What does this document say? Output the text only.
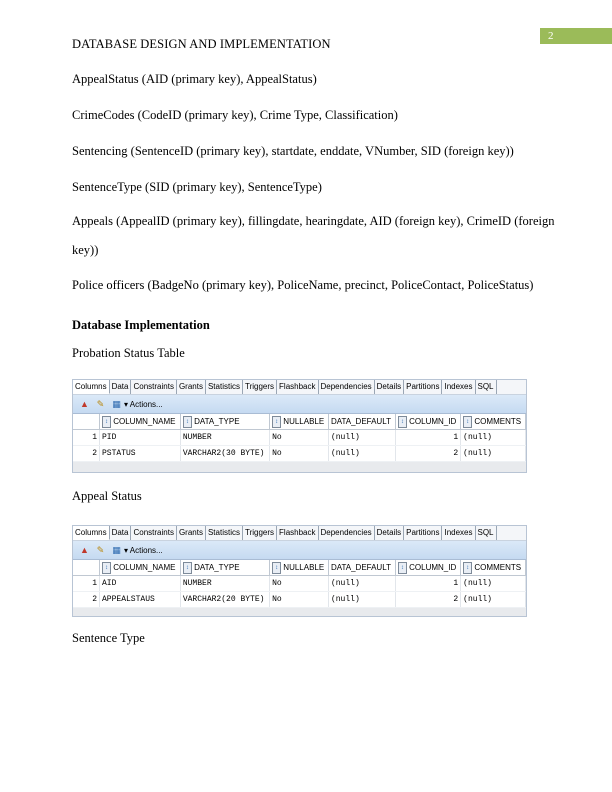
2
DATABASE DESIGN AND IMPLEMENTATION
AppealStatus (AID (primary key), AppealStatus)
CrimeCodes (CodeID (primary key), Crime Type, Classification)
Sentencing (SentenceID (primary key), startdate, enddate, VNumber, SID (foreign key))
SentenceType (SID (primary key), SentenceType)
Appeals (AppealID (primary key), fillingdate, hearingdate, AID (foreign key), CrimeID (foreign
key))
Police officers (BadgeNo (primary key), PoliceName, precinct, PoliceContact, PoliceStatus)
Database Implementation
Probation Status Table
Columns Data Constraints Grants Statistics Triggers Flashback Dependencies Details Partitions Indexes SQL
▲ ✎ ▦ ▾ Actions...
	↕ COLUMN_NAME	↕ DATA_TYPE	↕ NULLABLE	DATA_DEFAULT	↕ COLUMN_ID	↕ COMMENTS
1	PID	NUMBER	No	(null)	1	(null)
2	PSTATUS	VARCHAR2(30 BYTE)	No	(null)	2	(null)
Appeal Status
Columns Data Constraints Grants Statistics Triggers Flashback Dependencies Details Partitions Indexes SQL
▲ ✎ ▦ ▾ Actions...
	↕ COLUMN_NAME	↕ DATA_TYPE	↕ NULLABLE	DATA_DEFAULT	↕ COLUMN_ID	↕ COMMENTS
1	AID	NUMBER	No	(null)	1	(null)
2	APPEALSTAUS	VARCHAR2(20 BYTE)	No	(null)	2	(null)
Sentence Type
